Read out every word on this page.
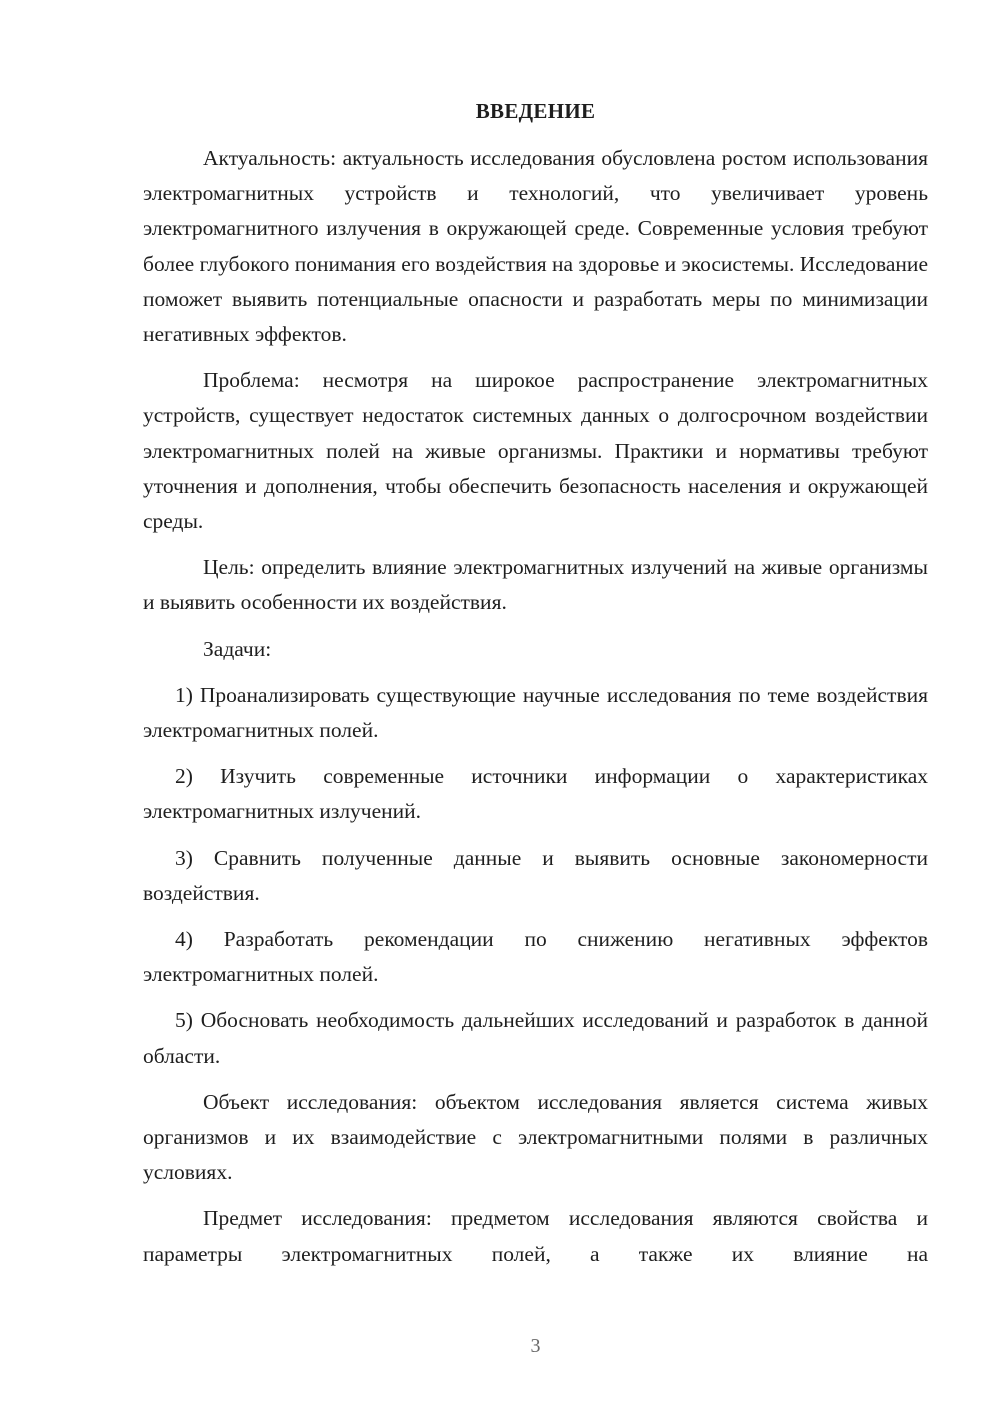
ВВЕДЕНИЕ

Актуальность: актуальность исследования обусловлена ростом использования электромагнитных устройств и технологий, что увеличивает уровень электромагнитного излучения в окружающей среде. Современные условия требуют более глубокого понимания его воздействия на здоровье и экосистемы. Исследование поможет выявить потенциальные опасности и разработать меры по минимизации негативных эффектов.

Проблема: несмотря на широкое распространение электромагнитных устройств, существует недостаток системных данных о долгосрочном воздействии электромагнитных полей на живые организмы. Практики и нормативы требуют уточнения и дополнения, чтобы обеспечить безопасность населения и окружающей среды.

Цель: определить влияние электромагнитных излучений на живые организмы и выявить особенности их воздействия.

Задачи:

1) Проанализировать существующие научные исследования по теме воздействия электромагнитных полей.

2) Изучить современные источники информации о характеристиках электромагнитных излучений.

3) Сравнить полученные данные и выявить основные закономерности воздействия.

4) Разработать рекомендации по снижению негативных эффектов электромагнитных полей.

5) Обосновать необходимость дальнейших исследований и разработок в данной области.

Объект исследования: объектом исследования является система живых организмов и их взаимодействие с электромагнитными полями в различных условиях.

Предмет исследования: предметом исследования являются свойства и параметры электромагнитных полей, а также их влияние на

3
